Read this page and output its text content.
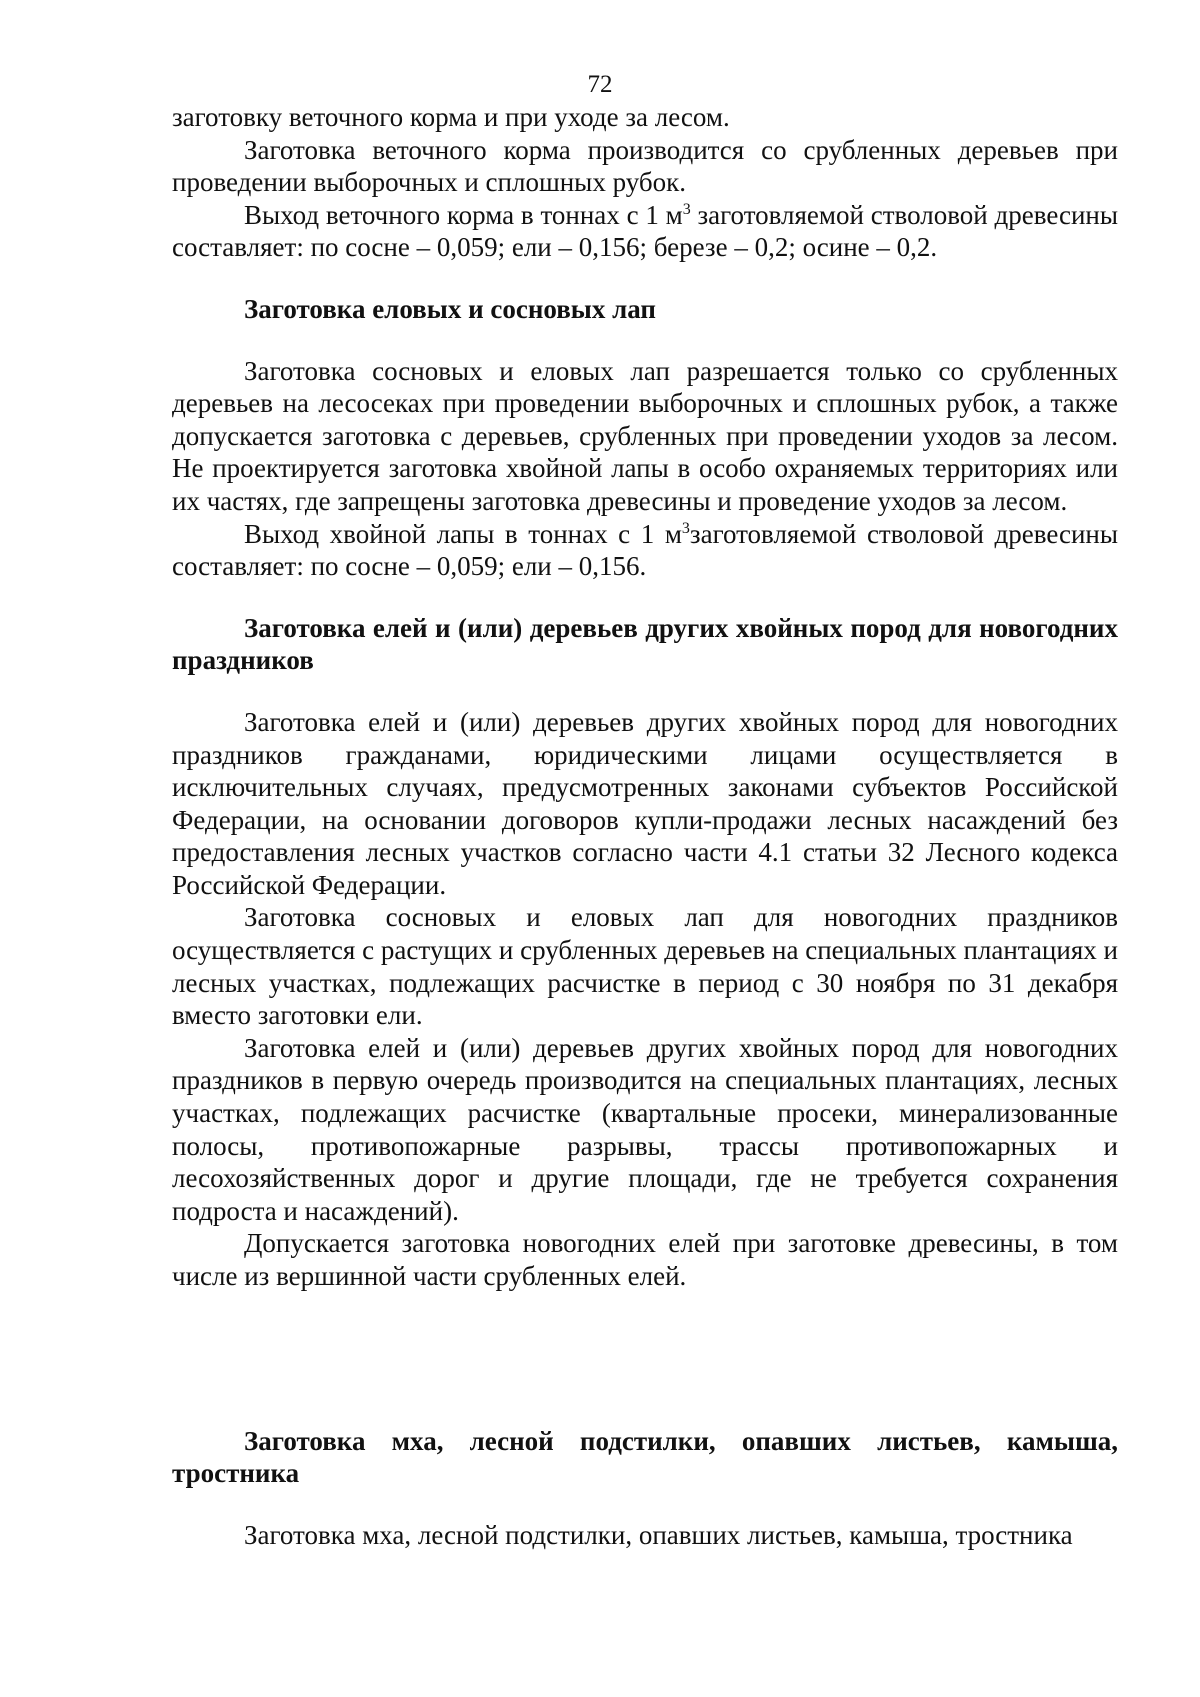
72

заготовку веточного корма и при уходе за лесом.

Заготовка веточного корма производится со срубленных деревьев при проведении выборочных и сплошных рубок.

Выход веточного корма в тоннах с 1 $м^3$ заготовляемой стволовой древесины составляет: по сосне – 0,059; ели – 0,156; березе – 0,2; осине – 0,2.

Заготовка еловых и сосновых лап

Заготовка сосновых и еловых лап разрешается только со срубленных деревьев на лесосеках при проведении выборочных и сплошных рубок, а также допускается заготовка с деревьев, срубленных при проведении уходов за лесом. Не проектируется заготовка хвойной лапы в особо охраняемых территориях или их частях, где запрещены заготовка древесины и проведение уходов за лесом.

Выход хвойной лапы в тоннах с 1 $м^3заготовляемой$ стволовой древесины составляет: по сосне – 0,059; ели – 0,156.

Заготовка елей и (или) деревьев других хвойных пород для новогодних праздников

Заготовка елей и (или) деревьев других хвойных пород для новогодних праздников гражданами, юридическими лицами осуществляется в исключительных случаях, предусмотренных законами субъектов Российской Федерации, на основании договоров купли-продажи лесных насаждений без предоставления лесных участков согласно части 4.1 статьи 32 Лесного кодекса Российской Федерации.

Заготовка сосновых и еловых лап для новогодних праздников осуществляется с растущих и срубленных деревьев на специальных плантациях и лесных участках, подлежащих расчистке в период с 30 ноября по 31 декабря вместо заготовки ели.

Заготовка елей и (или) деревьев других хвойных пород для новогодних праздников в первую очередь производится на специальных плантациях, лесных участках, подлежащих расчистке (квартальные просеки, минерализованные полосы, противопожарные разрывы, трассы противопожарных и лесохозяйственных дорог и другие площади, где не требуется сохранения подроста и насаждений).

Допускается заготовка новогодних елей при заготовке древесины, в том числе из вершинной части срубленных елей.

Заготовка мха, лесной подстилки, опавших листьев, камыша, тростника

Заготовка мха, лесной подстилки, опавших листьев, камыша, тростника
